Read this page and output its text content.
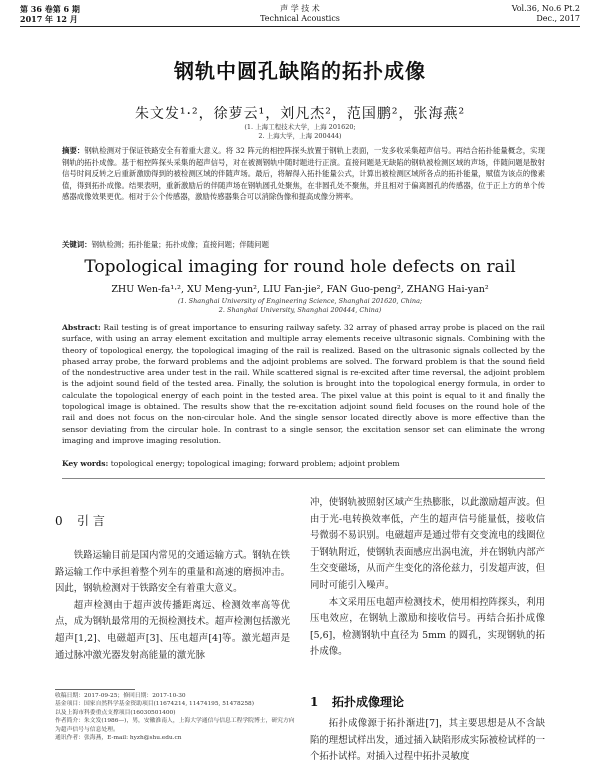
第 36 卷第 6 期
2017 年 12 月
声 学 技 术
Technical Acoustics
Vol.36, No.6 Pt.2
Dec., 2017
钢轨中圆孔缺陷的拓扑成像
朱文发¹·²，徐萝云¹，刘凡杰²，范国鹏²，张海燕²
(1. 上海工程技术大学，上海 201620;
2. 上海大学，上海 200444)
摘要：钢轨检测对于保证铁路安全有着重大意义。将 32 阵元的相控阵探头放置于钢轨上表面，一发多收采集超声信号。再结合拓扑能量概念，实现钢轨的拓扑成像。基于相控阵探头采集的超声信号，对在被测钢轨中随时题进行正演。直接问题是无缺陷的钢轨被检测区域的声场，伴随问题是散射信号时间反转之后重新激励得到的被检测区域的伴随声场。最后，将解得入拓扑能量公式，计算出被检测区域所各点的拓扑能量，赋值为该点的像素值，得到拓扑成像。结果表明，重新激励后的伴随声场在钢轨圆孔处聚焦，在非圆孔处不聚焦，并且相对于偏离圆孔的传感器，位于正上方的单个传感器成像效果更优。相对于公个传感器，激励传感器集合可以消除伪像和提高成像分辨率。
关键词：钢轨检测；拓扑能量；拓扑成像；直接问题；伴随问题
Topological imaging for round hole defects on rail
ZHU Wen-fa¹·², XU Meng-yun², LIU Fan-jie², FAN Guo-peng², ZHANG Hai-yan²
(1. Shanghai University of Engineering Science, Shanghai 201620, China;
2. Shanghai University, Shanghai 200444, China)
Abstract: Rail testing is of great importance to ensuring railway safety. 32 array of phased array probe is placed on the rail surface, with using an array element excitation and multiple array elements receive ultrasonic signals. Combining with the theory of topological energy, the topological imaging of the rail is realized. Based on the ultrasonic signals collected by the phased array probe, the forward problems and the adjoint problems are solved. The forward problem is that the sound field of the nondestructive area under test in the rail. While scattered signal is re-excited after time reversal, the adjoint problem is the adjoint sound field of the tested area. Finally, the solution is brought into the topological energy formula, in order to calculate the topological energy of each point in the tested area. The pixel value at this point is equal to it and finally the topological image is obtained. The results show that the re-excitation adjoint sound field focuses on the round hole of the rail and does not focus on the non-circular hole. And the single sensor located directly above is more effective than the sensor deviating from the circular hole. In contrast to a single sensor, the excitation sensor set can eliminate the wrong imaging and improve imaging resolution.
Key words: topological energy; topological imaging; forward problem; adjoint problem
0 引 言

铁路运输目前是国内常见的交通运输方式。钢轨在铁路运输工作中承担着整个列车的重量和高速的磨损冲击。因此，钢轨检测对于铁路安全有着重大意义。

超声检测由于超声波传播距离远、检测效率高等优点，成为钢轨最常用的无损检测技术。超声检测包括激光超声[1,2]、电磁超声[3]、压电超声[4]等。激光超声是通过脉冲激光器发射高能量的激光脉

冲，使钢轨被照射区域产生热膨胀，以此激励超声波。但由于光-电转换效率低，产生的超声信号能量低，接收信号微弱不易识别。电磁超声是通过带有交变流电的线圈位于钢轨附近，使钢轨表面感应出涡电流，并在钢轨内部产生交变磁场，从而产生变化的洛伦兹力，引发超声波，但同时可能引入噪声。

本文采用压电超声检测技术，使用相控阵探头，利用压电效应，在钢轨上激励和接收信号。再结合拓扑成像[5,6]，检测钢轨中直径为 5mm 的圆孔，实现钢轨的拓扑成像。

1 拓扑成像理论

拓扑成像源于拓扑渐进[7]，其主要思想是从不含缺陷的理想试样出发，通过插入缺陷形成实际被检试样的一个拓扑试样。对插入过程中拓扑灵敏度

收稿日期：2017-09-25；修回日期：2017-10-30
基金项目：国家自然科学基金资助项目(11674214, 11474195, 51478258)
以及上海市科委重点支撑项目(16030501400)
作者简介：朱文发(1986—)，男，安徽淮南人，上海大学通信与信息工程学院博士，研究方向为超声信号与信息处理。
通讯作者：张海燕，E-mail: hyzh@shu.edu.cn
